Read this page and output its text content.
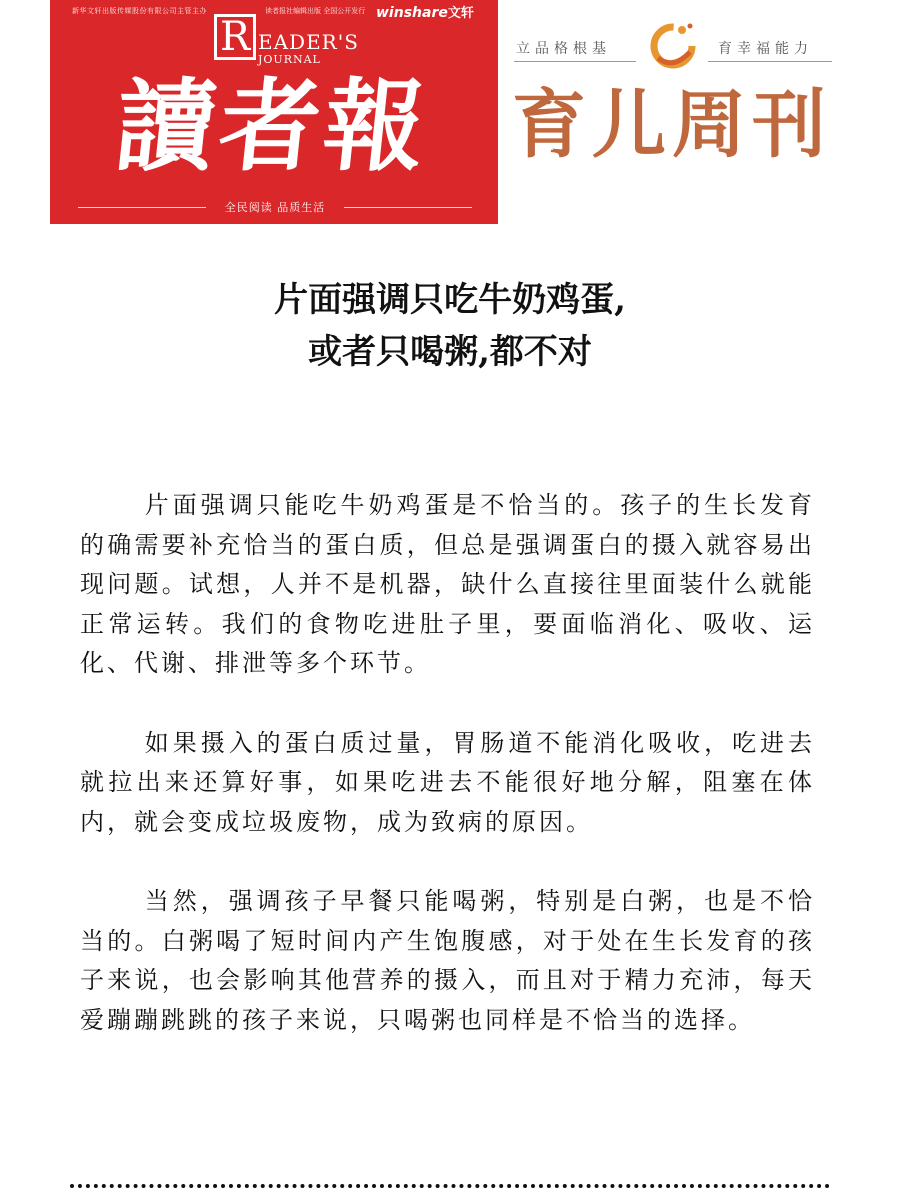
新华文轩出版传媒股份有限公司主管主办	读者报社编辑出版 全国公开发行 winshare文轩
R EADER'S
JOURNAL
讀者報
全民阅读 品质生活
立品格根基	育幸福能力
育儿周刊
片面强调只吃牛奶鸡蛋,
或者只喝粥,都不对

片面强调只能吃牛奶鸡蛋是不恰当的。孩子的生长发育的确需要补充恰当的蛋白质，但总是强调蛋白的摄入就容易出现问题。试想，人并不是机器，缺什么直接往里面装什么就能正常运转。我们的食物吃进肚子里，要面临消化、吸收、运化、代谢、排泄等多个环节。

如果摄入的蛋白质过量，胃肠道不能消化吸收，吃进去就拉出来还算好事，如果吃进去不能很好地分解，阻塞在体内，就会变成垃圾废物，成为致病的原因。

当然，强调孩子早餐只能喝粥，特别是白粥，也是不恰当的。白粥喝了短时间内产生饱腹感，对于处在生长发育的孩子来说，也会影响其他营养的摄入，而且对于精力充沛，每天爱蹦蹦跳跳的孩子来说，只喝粥也同样是不恰当的选择。
